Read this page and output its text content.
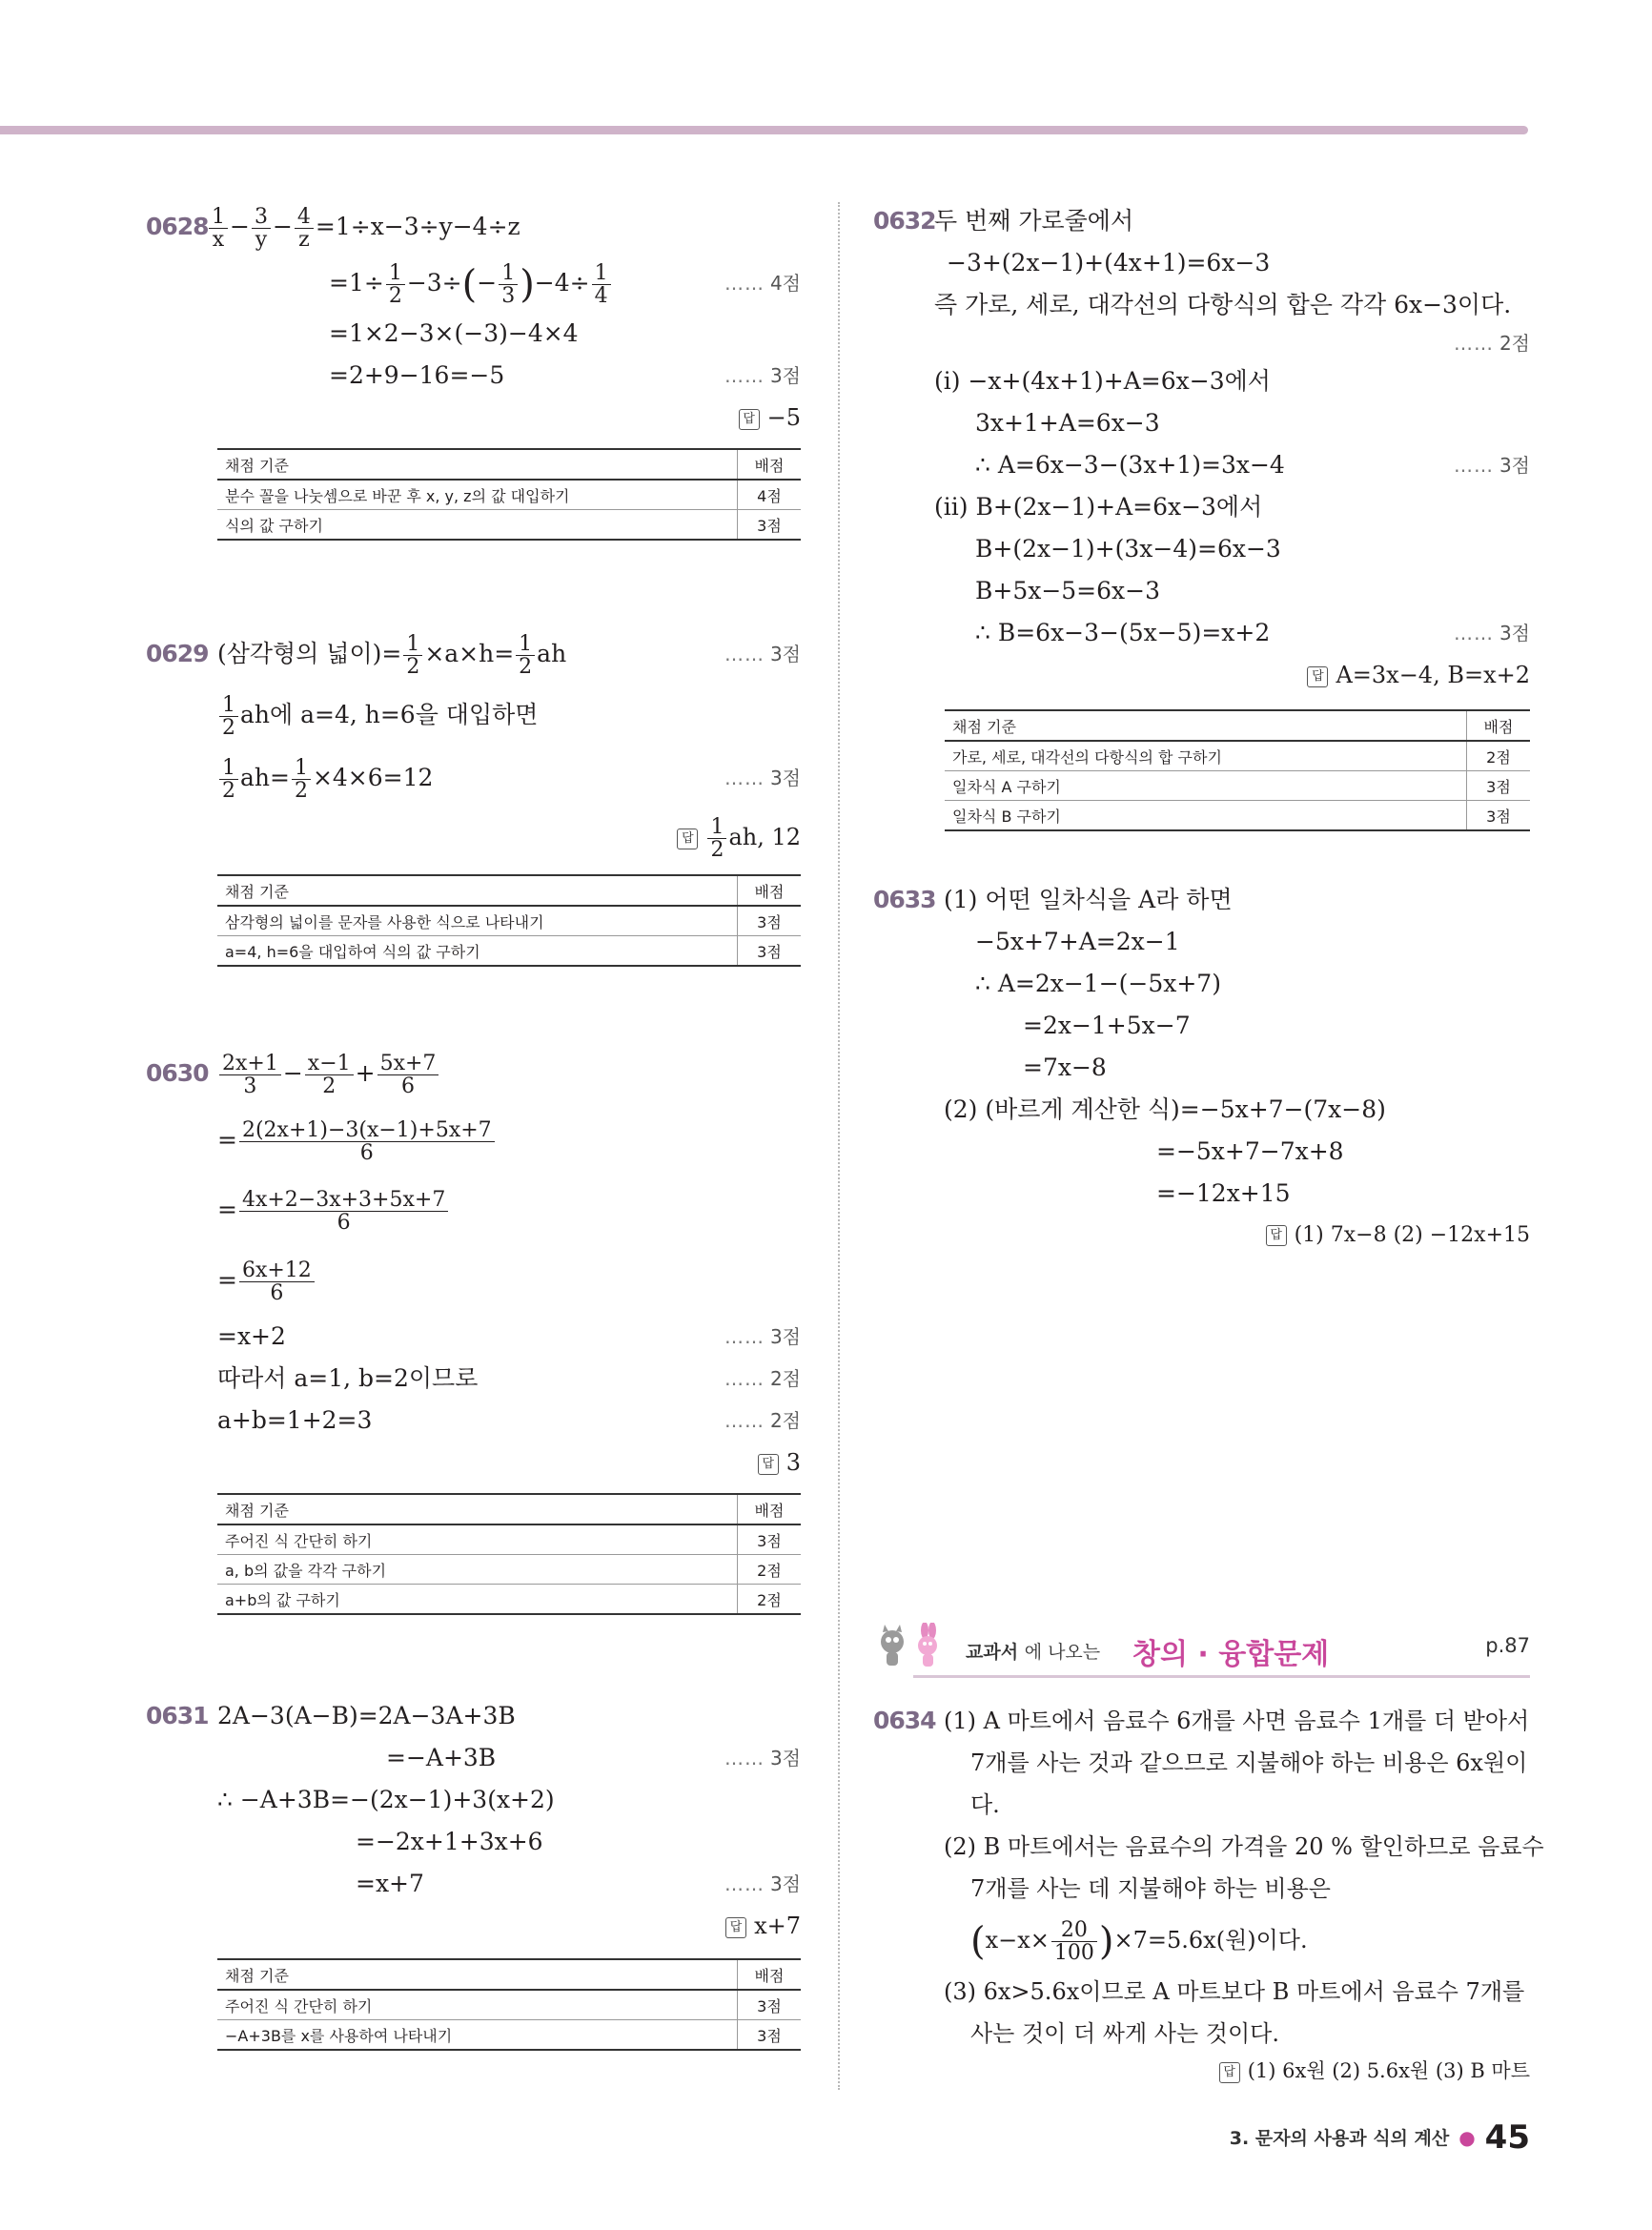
$0628 \frac{1}{x} - \frac{3}{y} - \frac{4}{z} =1\div x-3\div y-4\div z$
$=1\div \frac{1}{2} -3\div(- \frac{1}{3} )-4\div \frac{1}{4}$	…… 4점
=1×2−3×(−3)−4×4
=2+9−16=−5	…… 3점
답 −5
채점 기준	배점
분수 꼴을 나눗셈으로 바꾼 후 x, y, z의 값 대입하기	4점
식의 값 구하기	3점
0629 (삼각형의 넓이)= $\frac{1}{2} \times a\times h= \frac{1}{2}$ ah	…… 3점
$\frac{1}{2}$ ah에 a=4, h=6을 대입하면
$\frac{1}{2} ah= \frac{1}{2} \times 4\times 6=12$	…… 3점
답 $\frac{1}{2}$ ah, 12
채점 기준	배점
삼각형의 넓이를 문자를 사용한 식으로 나타내기	3점
a=4, h=6을 대입하여 식의 값 구하기	3점
$0630 \frac{2x+1}{3} - \frac{x-1}{2} + \frac{5x+7}{6}$
= $\frac{2(2x+1)-3(x-1)+5x+7}{6}$
= $\frac{4x+2-3x+3+5x+7}{6}$
= $\frac{6x+12}{6}$
=x+2	…… 3점
따라서 a=1, b=2이므로	…… 2점
a+b=1+2=3	…… 2점
답 3
채점 기준	배점
주어진 식 간단히 하기	3점
a, b의 값을 각각 구하기	2점
a+b의 값 구하기	2점
0631 2A−3(A−B)=2A−3A+3B
=−A+3B	…… 3점
∴ −A+3B=−(2x−1)+3(x+2)
=−2x+1+3x+6
=x+7	…… 3점
답 x+7
채점 기준	배점
주어진 식 간단히 하기	3점
−A+3B를 x를 사용하여 나타내기	3점
0632
두 번째 가로줄에서
−3+(2x−1)+(4x+1)=6x−3
즉 가로, 세로, 대각선의 다항식의 합은 각각 6x−3이다.
…… 2점
(ⅰ) −x+(4x+1)+A=6x−3에서
3x+1+A=6x−3
∴ A=6x−3−(3x+1)=3x−4	…… 3점
(ⅱ) B+(2x−1)+A=6x−3에서
B+(2x−1)+(3x−4)=6x−3
B+5x−5=6x−3
∴ B=6x−3−(5x−5)=x+2	…… 3점
답 A=3x−4, B=x+2
채점 기준	배점
가로, 세로, 대각선의 다항식의 합 구하기	2점
일차식 A 구하기	3점
일차식 B 구하기	3점
0633 (1) 어떤 일차식을 A라 하면
−5x+7+A=2x−1
∴ A=2x−1−(−5x+7)
=2x−1+5x−7
=7x−8
(2) (바르게 계산한 식)=−5x+7−(7x−8)
=−5x+7−7x+8
=−12x+15
답 (1) 7x−8 (2) −12x+15
교과서 에 나오는 창의 · 융합문제	p.87
0634 (1) A 마트에서 음료수 6개를 사면 음료수 1개를 더 받아서
7개를 사는 것과 같으므로 지불해야 하는 비용은 6x원이
다.
(2) B 마트에서는 음료수의 가격을 20 % 할인하므로 음료수
7개를 사는 데 지불해야 하는 비용은
$(x-x\times \frac{20}{100} )\times 7=5.6x$(원)이다.
(3) 6x>5.6x이므로 A 마트보다 B 마트에서 음료수 7개를
사는 것이 더 싸게 사는 것이다.
답 (1) 6x원 (2) 5.6x원 (3) B 마트
3. 문자의 사용과 식의 계산 ● 45
